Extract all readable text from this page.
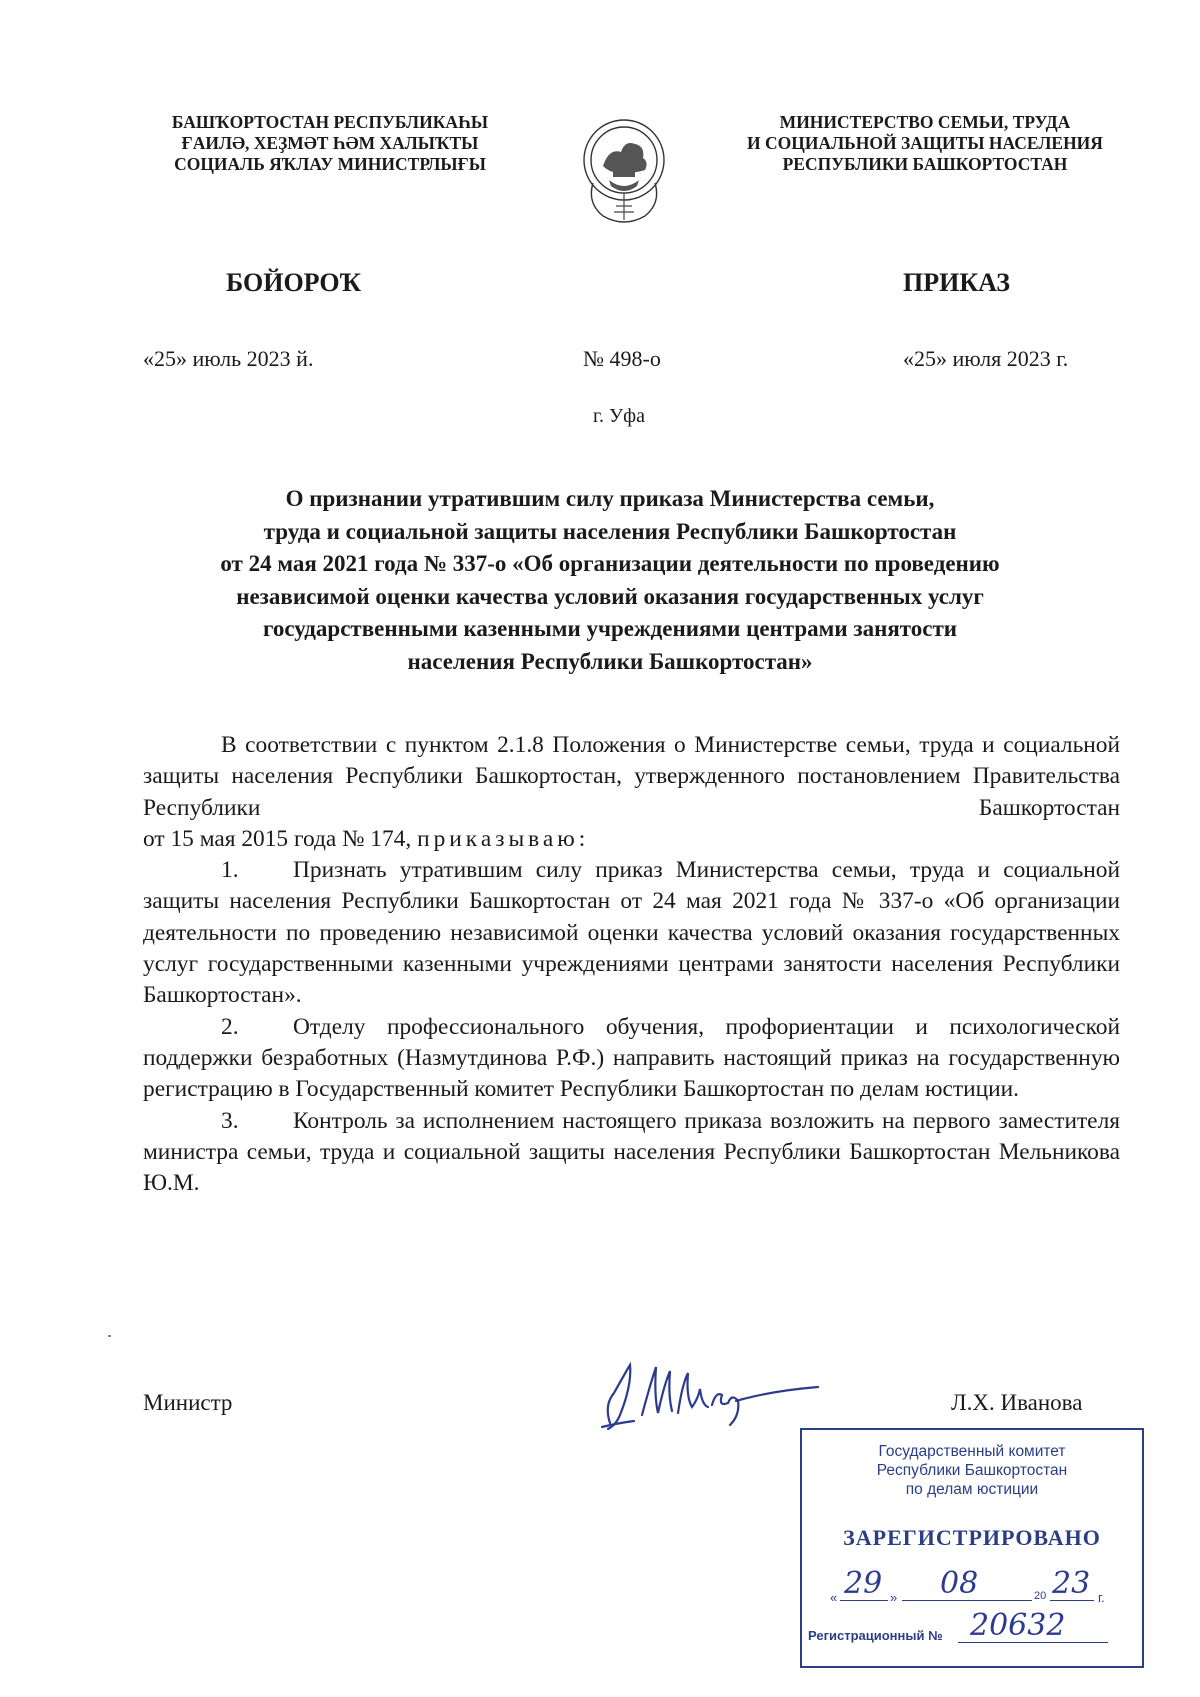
БАШҠОРТОСТАН РЕСПУБЛИКАҺЫ
ҒАИЛӘ, ХЕҘМӘТ ҺӘМ ХАЛЫҠТЫ
СОЦИАЛЬ ЯҠЛАУ МИНИСТРЛЫҒЫ
МИНИСТЕРСТВО СЕМЬИ, ТРУДА
И СОЦИАЛЬНОЙ ЗАЩИТЫ НАСЕЛЕНИЯ
РЕСПУБЛИКИ БАШКОРТОСТАН
БОЙОРОҠ	ПРИКАЗ
«25» июль 2023 й.	№ 498-о	«25» июля 2023 г.
г. Уфа
О признании утратившим силу приказа Министерства семьи,
труда и социальной защиты населения Республики Башкортостан
от 24 мая 2021 года № 337-о «Об организации деятельности по проведению
независимой оценки качества условий оказания государственных услуг
государственными казенными учреждениями центрами занятости
населения Республики Башкортостан»

В соответствии с пунктом 2.1.8 Положения о Министерстве семьи, труда и социальной защиты населения Республики Башкортостан, утвержденного постановлением Правительства Республики Башкортостан

от 15 мая 2015 года № 174, приказываю:

1. Признать утратившим силу приказ Министерства семьи, труда и социальной защиты населения Республики Башкортостан от 24 мая 2021 года № 337-о «Об организации деятельности по проведению независимой оценки качества условий оказания государственных услуг государственными казенными учреждениями центрами занятости населения Республики Башкортостан».

2. Отделу профессионального обучения, профориентации и психологической поддержки безработных (Назмутдинова Р.Ф.) направить настоящий приказ на государственную регистрацию в Государственный комитет Республики Башкортостан по делам юстиции.

3. Контроль за исполнением настоящего приказа возложить на первого заместителя министра семьи, труда и социальной защиты населения Республики Башкортостан Мельникова Ю.М.

Министр	Л.Х. Иванова
Государственный комитет
Республики Башкортостан
по делам юстиции
ЗАРЕГИСТРИРОВАНО
« 29 » 08	20 23 г.
Регистрационный № 20632
